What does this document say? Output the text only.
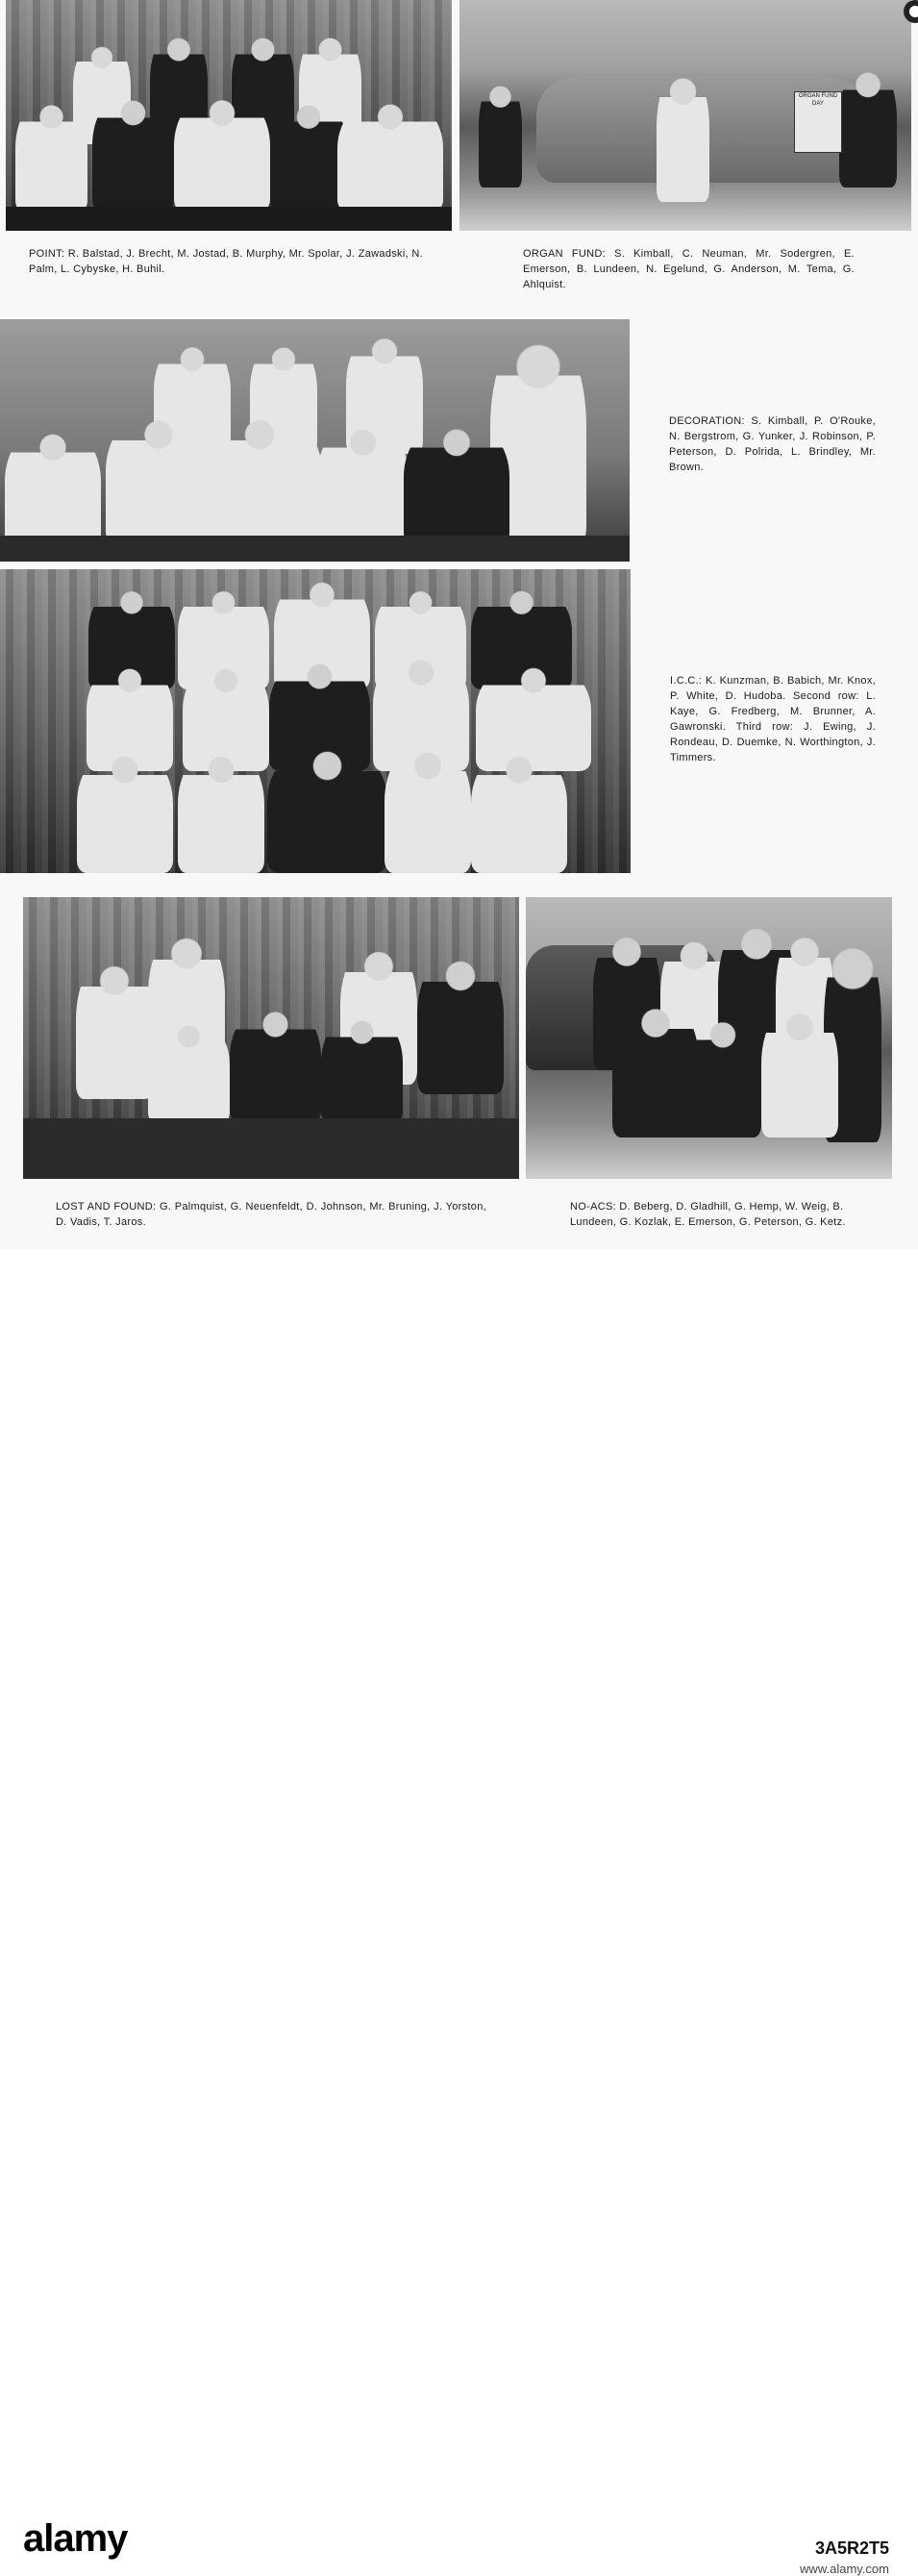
ORGAN FUND
DAY

POINT: R. Balstad, J. Brecht, M. Jostad, B. Murphy, Mr. Spolar, J. Zawadski, N. Palm, L. Cybyske, H. Buhil.

ORGAN FUND: S. Kimball, C. Neuman, Mr. Sodergren, E. Emerson, B. Lundeen, N. Egelund, G. Anderson, M. Tema, G. Ahlquist.

DECORATION: S. Kimball, P. O'Rouke, N. Bergstrom, G. Yunker, J. Robinson, P. Peterson, D. Polrida, L. Brindley, Mr. Brown.

I.C.C.: K. Kunzman, B. Babich, Mr. Knox, P. White, D. Hudoba. Second row: L. Kaye, G. Fredberg, M. Brunner, A. Gawronski. Third row: J. Ewing, J. Rondeau, D. Duemke, N. Worthington, J. Timmers.

LOST AND FOUND: G. Palmquist, G. Neuenfeldt, D. Johnson, Mr. Bruning, J. Yorston, D. Vadis, T. Jaros.

NO-ACS: D. Beberg, D. Gladhill, G. Hemp, W. Weig, B. Lundeen, G. Kozlak, E. Emerson, G. Peterson, G. Ketz.

alamy	3A5R2T5
www.alamy.com
